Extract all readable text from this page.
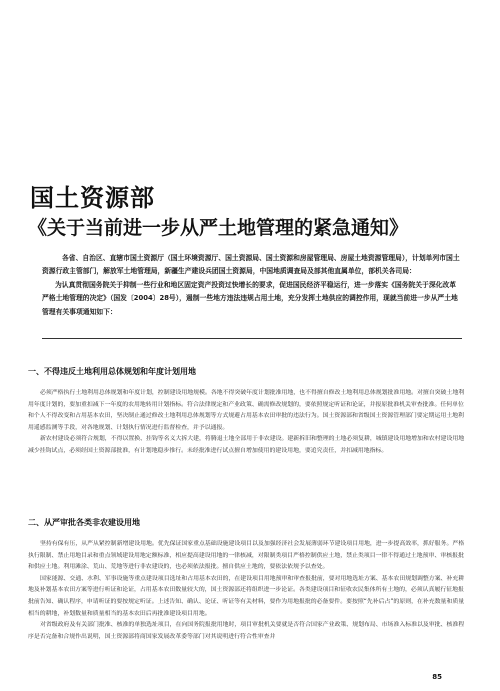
国土资源部
《关于当前进一步从严土地管理的紧急通知》

各省、自治区、直辖市国土资源厅（国土环境资源厅、国土资源局、国土资源和房屋管理局、房屋土地资源管理局），计划单列市国土资源行政主管部门，解放军土地管理局，新疆生产建设兵团国土资源局，中国地质调查局及部其他直属单位，部机关各司局：

为认真贯彻国务院关于抑制一些行业和地区固定资产投资过快增长的要求，促进国民经济平稳运行，进一步落实《国务院关于深化改革严格土地管理的决定》（国发〔2004〕28号），遏制一些地方违法违规占用土地，充分发挥土地供应的调控作用，现就当前进一步从严土地管理有关事项通知如下：

一、不得违反土地利用总体规划和年度计划用地

必须严格执行土地利用总体规划和年度计划，控制建设用地规模。各地不得突破年度计划批准用地，也不得擅自修改土地利用总体规划批准用地。对擅自突破土地利用年度计划的，要加重扣减下一年度的农用地转用计划指标。符合法律规定和产业政策、确需修改规划的，要依照规定听证和论证，并报原批准机关审查批准。任何单位和个人不得改变和占用基本农田，坚决制止通过修改土地利用总体规划等方式规避占用基本农田审批的违法行为。国土资源部和省级国土资源管理部门要定期运用土地利用遥感监测等手段，对各地规划、计划执行情况进行监督检查，并予以通报。

新农村建设必须符合规划，不得以置换、挂钩等名义大拆大建，将腾退土地全部用于非农建设。建新拆旧和整理的土地必须复耕，城镇建设用地增加和农村建设用地减少挂钩试点，必须经国土资源部批准，有计划地稳步推行。未经批准进行试点擅自增加使用的建设用地，要追究责任，并扣减用地指标。

二、从严审批各类非农建设用地

坚持有保有压，从严从紧控制新增建设用地。优先保证国家重点基础设施建设项目以及加强经济社会发展薄弱环节建设项目用地，进一步提高效率，抓好服务。严格执行限制、禁止用地目录和重点领域建设用地定额标准，相应提高建设用地的一律核减，对限制类项目严格控制供应土地，禁止类项目一律不得通过土地预审、审核报批和供应土地。利用滩涂、荒山、荒地等进行非农建设的，也必须依法报批。擅自供应土地的，要依法依规予以查处。

国家能源、交通、水利、军事设施等重点建设项目选址和占用基本农田的，在建设项目用地预审和审查报批前，要对用地选址方案、基本农田规划调整方案、补充耕地及补划基本农田方案等进行听证和论证，占用基本农田数量较大的，国土资源部还将组织进一步论证。各类建设项目和征收农民集体所有土地的，必须认真履行征地报批前告知、确认程序，申请听证的要按规定听证。上述告知、确认、论证、听证等有关材料，要作为用地报批的必备要件。要按照“先补后占”的原则，在补充数量和质量相当的耕地，补划数量和质量相当的基本农田后再批准建设项目用地。

对省级政府及有关部门批准、核准的单独选址项目，在向国务院报批用地时，项目审批机关要就是否符合国家产业政策、规划布局、市场准入标准以及审批、核准程序是否完备和合规作出说明，国土资源部将商国家发展改革委等部门对其说明进行符合性审查并

85
